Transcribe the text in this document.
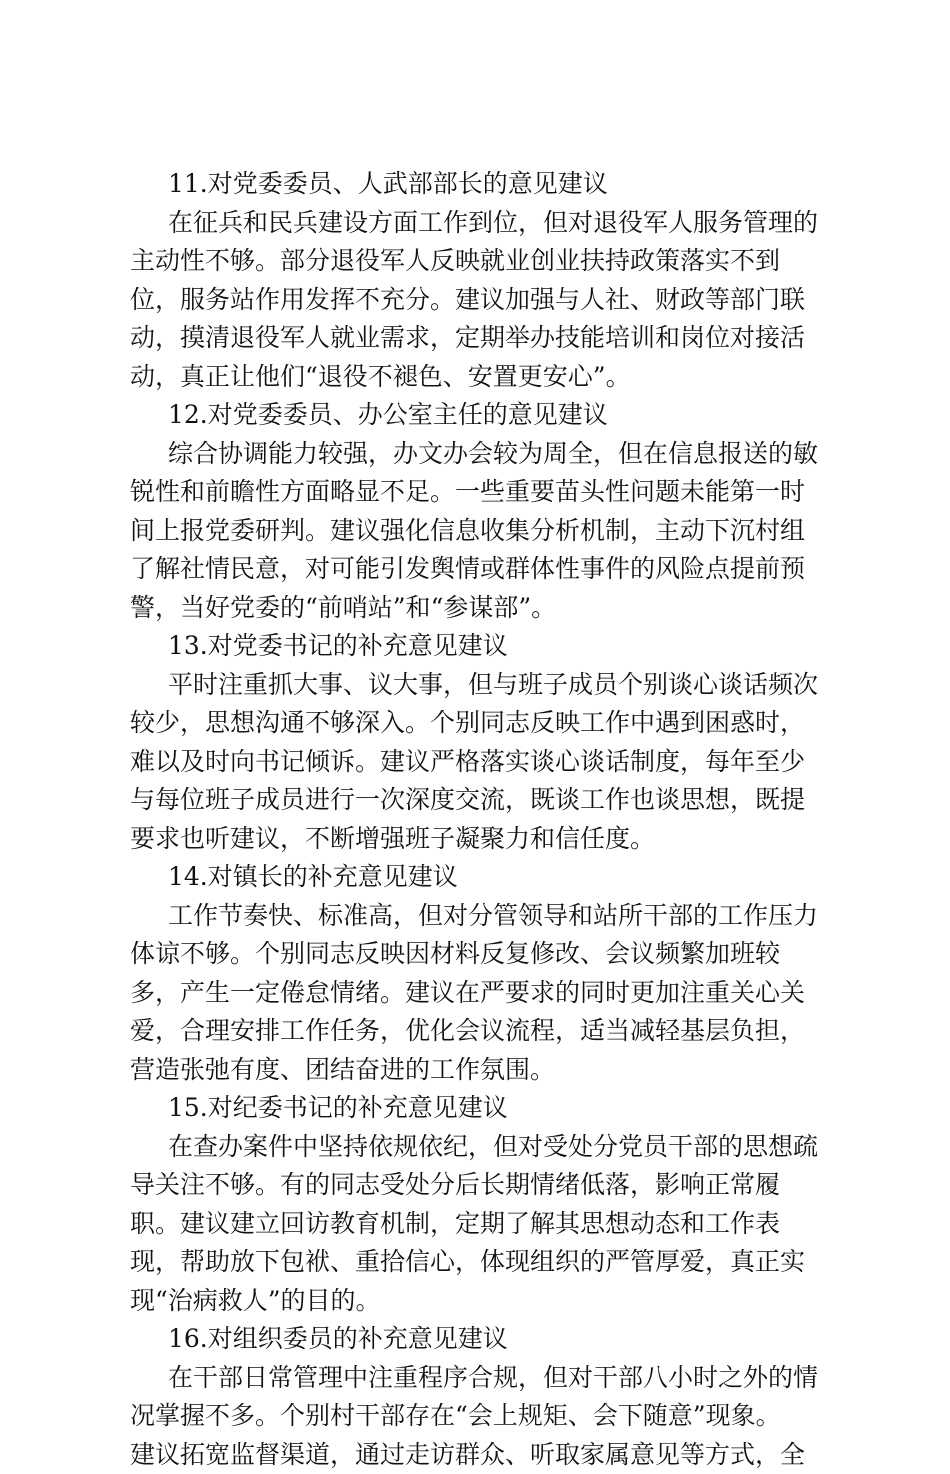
11.对党委委员、人武部部长的意见建议
在征兵和民兵建设方面工作到位，但对退役军人服务管理的
主动性不够。部分退役军人反映就业创业扶持政策落实不到
位，服务站作用发挥不充分。建议加强与人社、财政等部门联
动，摸清退役军人就业需求，定期举办技能培训和岗位对接活
动，真正让他们“退役不褪色、安置更安心”。
12.对党委委员、办公室主任的意见建议
综合协调能力较强，办文办会较为周全，但在信息报送的敏
锐性和前瞻性方面略显不足。一些重要苗头性问题未能第一时
间上报党委研判。建议强化信息收集分析机制，主动下沉村组
了解社情民意，对可能引发舆情或群体性事件的风险点提前预
警，当好党委的“前哨站”和“参谋部”。
13.对党委书记的补充意见建议
平时注重抓大事、议大事，但与班子成员个别谈心谈话频次
较少，思想沟通不够深入。个别同志反映工作中遇到困惑时，
难以及时向书记倾诉。建议严格落实谈心谈话制度，每年至少
与每位班子成员进行一次深度交流，既谈工作也谈思想，既提
要求也听建议，不断增强班子凝聚力和信任度。
14.对镇长的补充意见建议
工作节奏快、标准高，但对分管领导和站所干部的工作压力
体谅不够。个别同志反映因材料反复修改、会议频繁加班较
多，产生一定倦怠情绪。建议在严要求的同时更加注重关心关
爱，合理安排工作任务，优化会议流程，适当减轻基层负担，
营造张弛有度、团结奋进的工作氛围。
15.对纪委书记的补充意见建议
在查办案件中坚持依规依纪，但对受处分党员干部的思想疏
导关注不够。有的同志受处分后长期情绪低落，影响正常履
职。建议建立回访教育机制，定期了解其思想动态和工作表
现，帮助放下包袱、重拾信心，体现组织的严管厚爱，真正实
现“治病救人”的目的。
16.对组织委员的补充意见建议
在干部日常管理中注重程序合规，但对干部八小时之外的情
况掌握不多。个别村干部存在“会上规矩、会下随意”现象。
建议拓宽监督渠道，通过走访群众、听取家属意见等方式，全
